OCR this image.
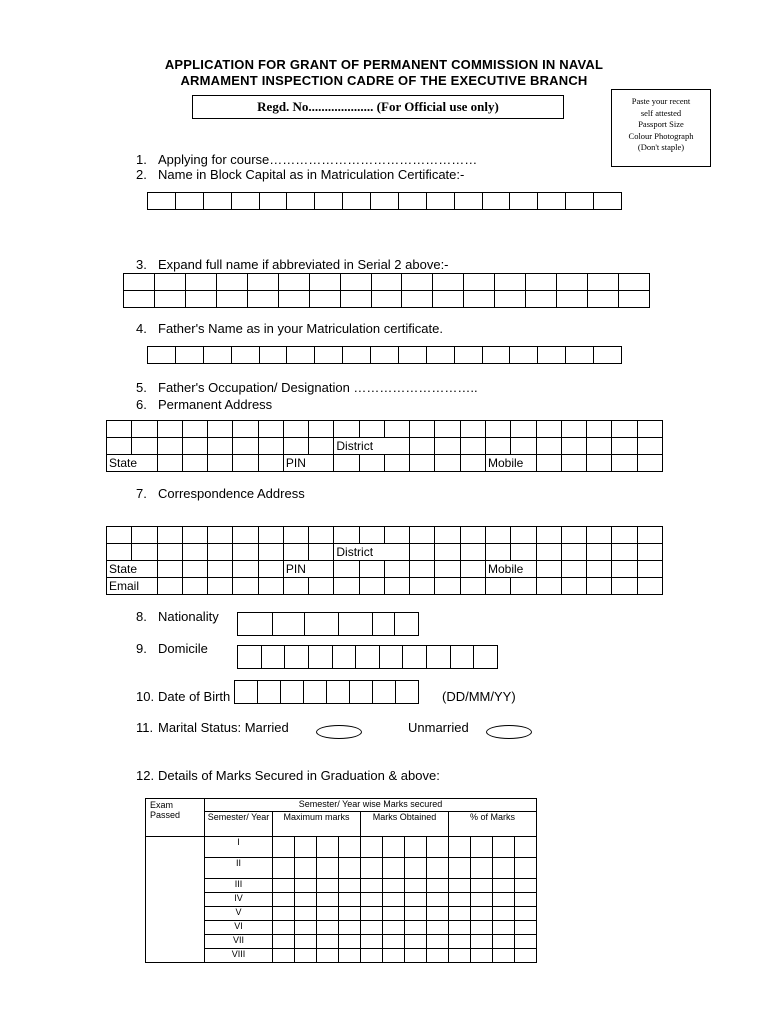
APPLICATION FOR GRANT OF PERMANENT COMMISSION IN NAVAL
ARMAMENT INSPECTION CADRE OF THE EXECUTIVE BRANCH
Regd. No.................... (For Official use only)	Paste your recent
self attested
Passport Size
Colour Photograph
(Don't staple)
1. Applying for course…………………………………………
2. Name in Block Capital as in Matriculation Certificate:-
3. Expand full name if abbreviated in Serial 2 above:-

4. Father's Name as in your Matriculation certificate.
5. Father's Occupation/ Designation ………………………..
6. Permanent Address

									District												
State							PIN								Mobile						
7. Correspondence Address

									District												
State							PIN								Mobile						
Email																					
8. Nationality
9. Domicile
10. Date of Birth	(DD/MM/YY)
11. Marital Status: Married	Unmarried
12. Details of Marks Secured in Graduation & above:
Exam Passed	Semester/ Year wise Marks secured												
	Semester/ Year	Maximum marks				Marks Obtained				% of Marks			
	I												
	II												
	III												
	IV												
	V												
	VI												
	VII												
	VIII												
